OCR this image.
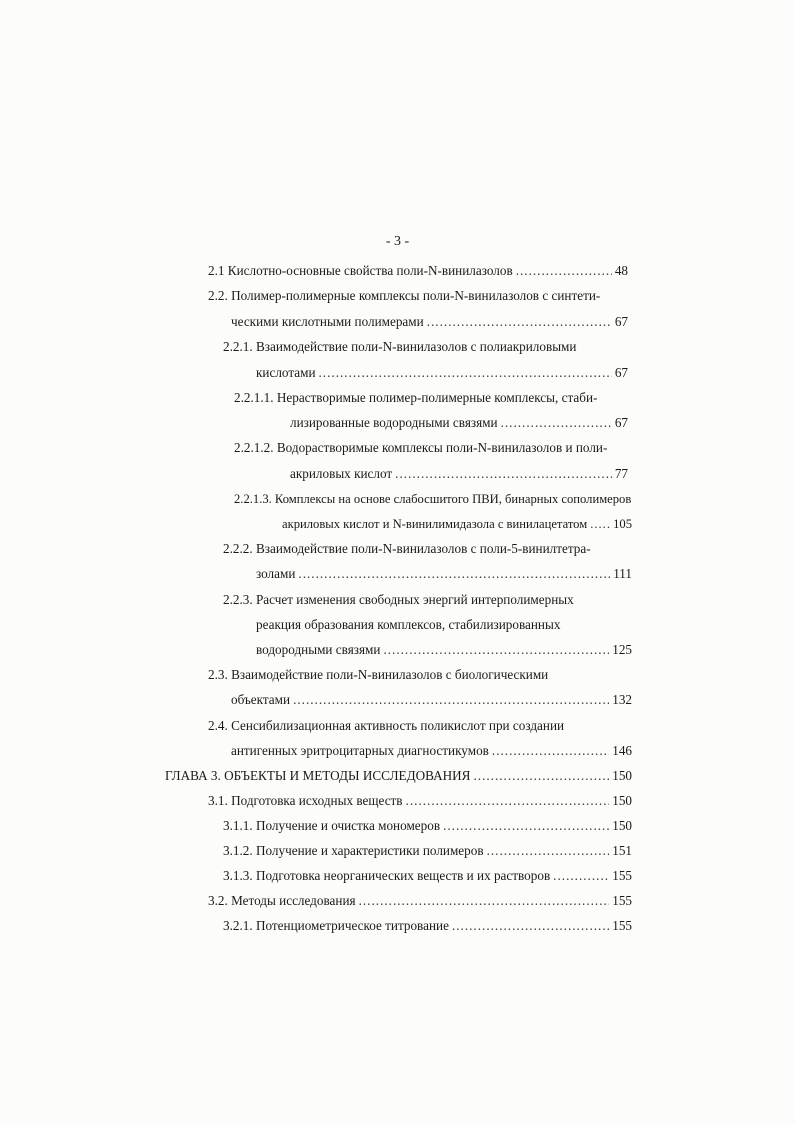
- 3 -
2.1 Кислотно-основные свойства поли-N-винилазолов .....	48
2.2. Полимер-полимерные комплексы поли-N-винилазолов с синтети-
ческими кислотными полимерами .....	67
2.2.1. Взаимодействие поли-N-винилазолов с полиакриловыми
кислотами .....	67
2.2.1.1. Нерастворимые полимер-полимерные комплексы, стаби-
лизированные водородными связями .....	67
2.2.1.2. Водорастворимые комплексы поли-N-винилазолов и поли-
акриловых кислот .....	77
2.2.1.3. Комплексы на основе слабосшитого ПВИ, бинарных сополимеров
акриловых кислот и N-винилимидазола с винилацетатом ..... 105
2.2.2. Взаимодействие поли-N-винилазолов с поли-5-винилтетра-
золами .....	111
2.2.3. Расчет изменения свободных энергий интерполимерных
реакция образования комплексов, стабилизированных
водородными связями .....	125
2.3. Взаимодействие поли-N-винилазолов с биологическими
объектами .....	132
2.4. Сенсибилизационная активность поликислот при создании
антигенных эритроцитарных диагностикумов .....	146
ГЛАВА 3. ОБЪЕКТЫ И МЕТОДЫ ИССЛЕДОВАНИЯ .....	150
3.1. Подготовка исходных веществ .....	150
3.1.1. Получение и очистка мономеров .....	150
3.1.2. Получение и характеристики полимеров .....	151
3.1.3. Подготовка неорганических веществ и их растворов .....	155
3.2. Методы исследования .....	155
3.2.1. Потенциометрическое титрование .....	155
